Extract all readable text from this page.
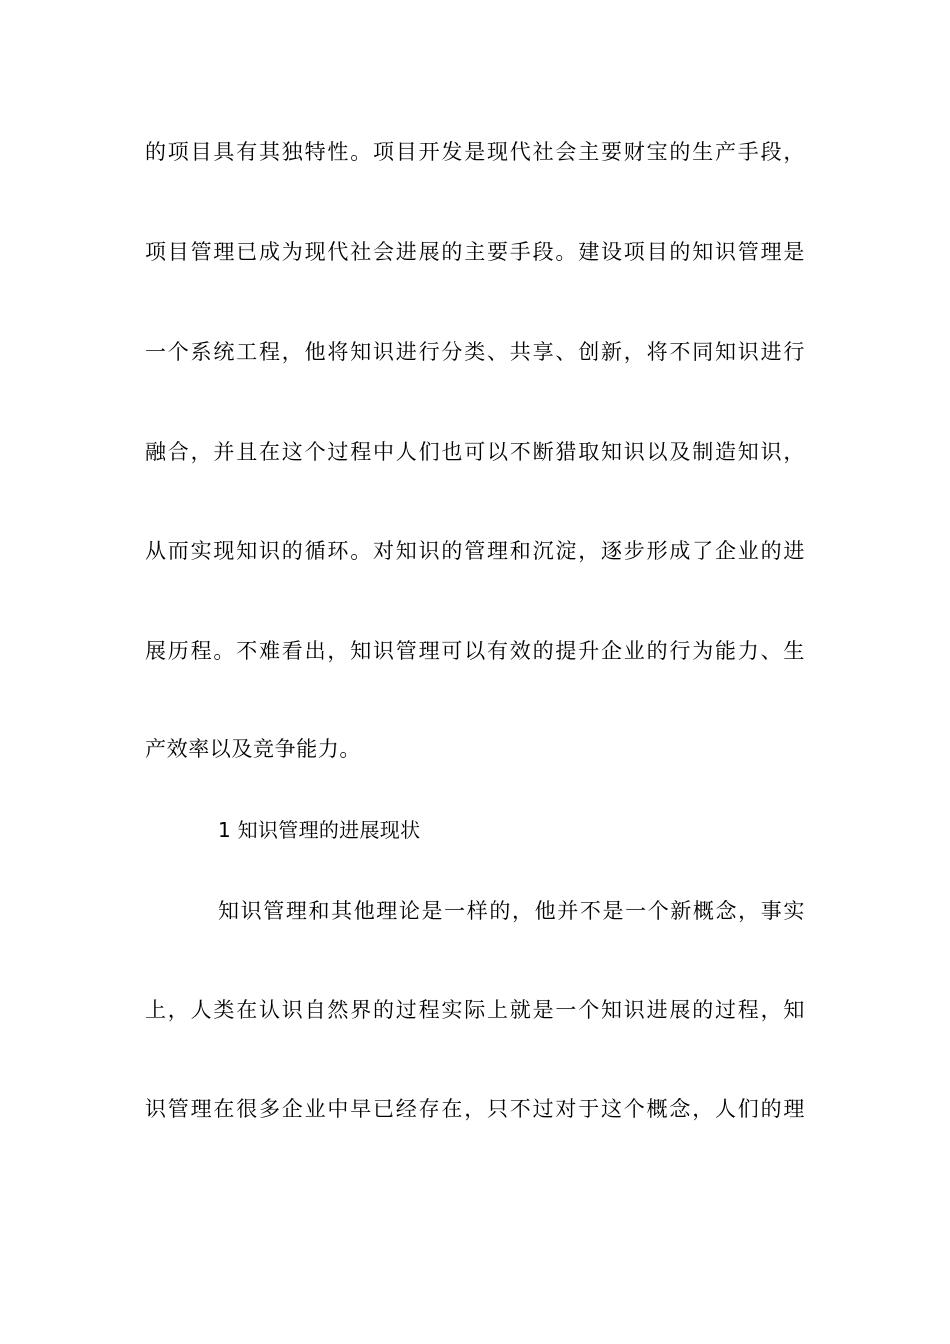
的项目具有其独特性。项目开发是现代社会主要财宝的生产手段，
项目管理已成为现代社会进展的主要手段。建设项目的知识管理是
一个系统工程，他将知识进行分类、共享、创新，将不同知识进行
融合，并且在这个过程中人们也可以不断猎取知识以及制造知识，
从而实现知识的循环。对知识的管理和沉淀，逐步形成了企业的进
展历程。不难看出，知识管理可以有效的提升企业的行为能力、生
产效率以及竞争能力。
1 知识管理的进展现状
知识管理和其他理论是一样的，他并不是一个新概念，事实
上，人类在认识自然界的过程实际上就是一个知识进展的过程，知
识管理在很多企业中早已经存在，只不过对于这个概念，人们的理
